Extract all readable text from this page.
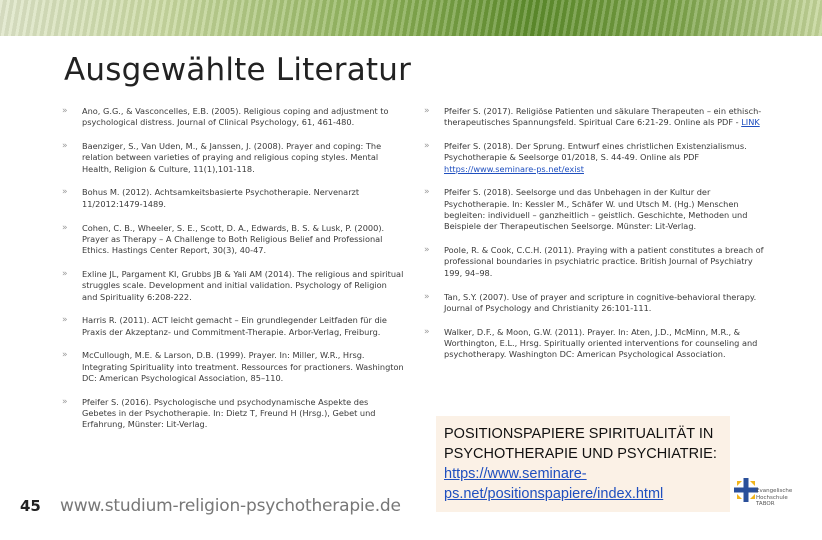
Ausgewählte Literatur
» Ano, G.G., & Vasconcelles, E.B. (2005). Religious coping and adjustment to psychological distress. Journal of Clinical Psychology, 61, 461-480.
» Baenziger, S., Van Uden, M., & Janssen, J. (2008). Prayer and coping: The relation between varieties of praying and religious coping styles. Mental Health, Religion & Culture, 11(1),101-118.
» Bohus M. (2012). Achtsamkeitsbasierte Psychotherapie. Nervenarzt 11/2012:1479-1489.
» Cohen, C. B., Wheeler, S. E., Scott, D. A., Edwards, B. S. & Lusk, P. (2000). Prayer as Therapy – A Challenge to Both Religious Belief and Professional Ethics. Hastings Center Report, 30(3), 40-47.
» Exline JL, Pargament KI, Grubbs JB & Yali AM (2014). The religious and spiritual struggles scale. Development and initial validation. Psychology of Religion and Spirituality 6:208-222.
» Harris R. (2011). ACT leicht gemacht – Ein grundlegender Leitfaden für die Praxis der Akzeptanz- und Commitment-Therapie. Arbor-Verlag, Freiburg.
» McCullough, M.E. & Larson, D.B. (1999). Prayer. In: Miller, W.R., Hrsg. Integrating Spirituality into treatment. Ressources for practioners. Washington DC: American Psychological Association, 85–110.
» Pfeifer S. (2016). Psychologische und psychodynamische Aspekte des Gebetes in der Psychotherapie. In: Dietz T, Freund H (Hrsg.), Gebet und Erfahrung, Münster: Lit-Verlag.
» Pfeifer S. (2017). Religiöse Patienten und säkulare Therapeuten – ein ethisch-therapeutisches Spannungsfeld. Spiritual Care 6:21-29. Online als PDF - LINK
» Pfeifer S. (2018). Der Sprung. Entwurf eines christlichen Existenzialismus. Psychotherapie & Seelsorge 01/2018, S. 44-49. Online als PDF https://www.seminare-ps.net/exist
» Pfeifer S. (2018). Seelsorge und das Unbehagen in der Kultur der Psychotherapie. In: Kessler M., Schäfer W. und Utsch M. (Hg.) Menschen begleiten: individuell – ganzheitlich – geistlich. Geschichte, Methoden und Beispiele der Therapeutischen Seelsorge. Münster: Lit-Verlag.
» Poole, R. & Cook, C.C.H. (2011). Praying with a patient constitutes a breach of professional boundaries in psychiatric practice. British Journal of Psychiatry 199, 94–98.
» Tan, S.Y. (2007). Use of prayer and scripture in cognitive-behavioral therapy. Journal of Psychology and Christianity 26:101-111.
» Walker, D.F., & Moon, G.W. (2011). Prayer. In: Aten, J.D., McMinn, M.R., & Worthington, E.L., Hrsg. Spiritually oriented interventions for counseling and psychotherapy. Washington DC: American Psychological Association.
POSITIONSPAPIERE SPIRITUALITÄT IN PSYCHOTHERAPIE UND PSYCHIATRIE: https://www.seminare-ps.net/positionspapiere/index.html
45 www.studium-religion-psychotherapie.de
Evangelische Hochschule TABOR
